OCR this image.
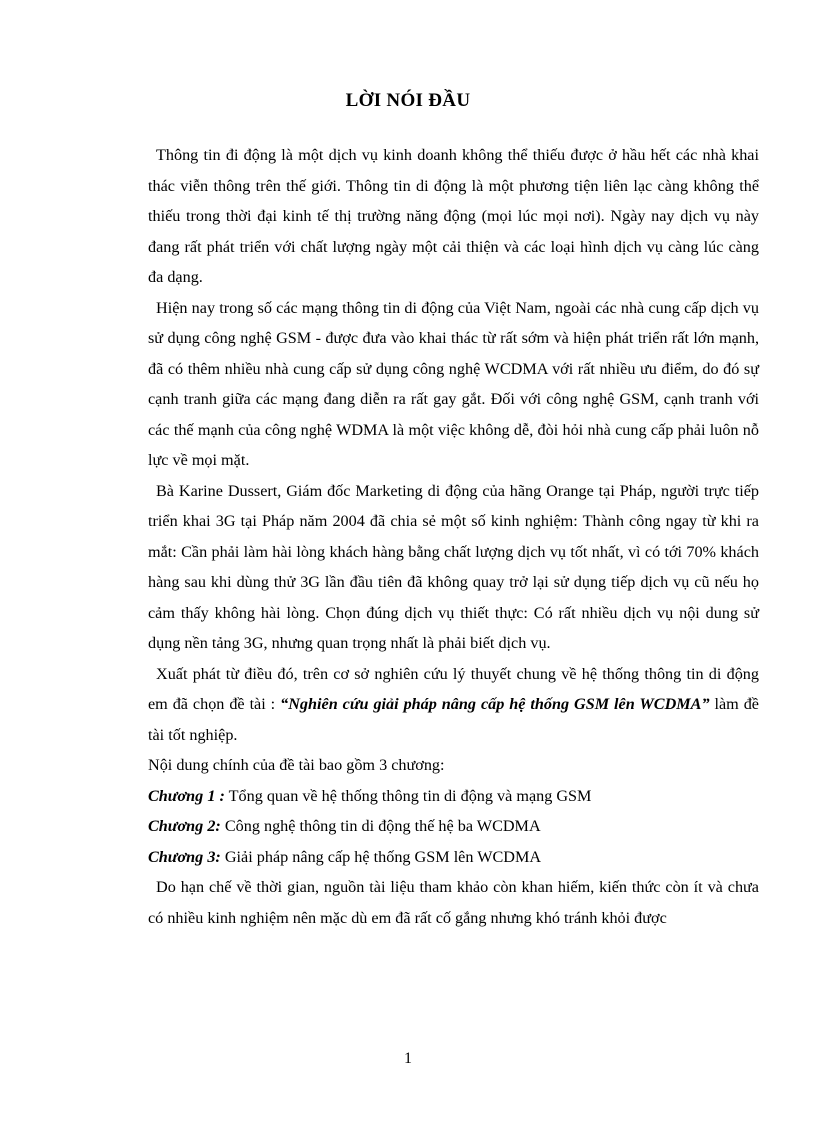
LỜI NÓI ĐẦU

Thông tin đi động là một dịch vụ kinh doanh không thể thiếu được ở hầu hết các nhà khai thác viễn thông trên thế giới. Thông tin di động là một phương tiện liên lạc càng không thể thiếu trong thời đại kinh tế thị trường năng động (mọi lúc mọi nơi). Ngày nay dịch vụ này đang rất phát triển với chất lượng ngày một cải thiện và các loại hình dịch vụ càng lúc càng đa dạng.

Hiện nay trong số các mạng thông tin di động của Việt Nam, ngoài các nhà cung cấp dịch vụ sử dụng công nghệ GSM - được đưa vào khai thác từ rất sớm và hiện phát triển rất lớn mạnh, đã có thêm nhiều nhà cung cấp sử dụng công nghệ WCDMA với rất nhiều ưu điểm, do đó sự cạnh tranh giữa các mạng đang diễn ra rất gay gắt. Đối với công nghệ GSM, cạnh tranh với các thế mạnh của công nghệ WDMA là một việc không dễ, đòi hỏi nhà cung cấp phải luôn nỗ lực về mọi mặt.

Bà Karine Dussert, Giám đốc Marketing di động của hãng Orange tại Pháp, người trực tiếp triển khai 3G tại Pháp năm 2004 đã chia sẻ một số kinh nghiệm: Thành công ngay từ khi ra mắt: Cần phải làm hài lòng khách hàng bằng chất lượng dịch vụ tốt nhất, vì có tới 70% khách hàng sau khi dùng thử 3G lần đầu tiên đã không quay trở lại sử dụng tiếp dịch vụ cũ nếu họ cảm thấy không hài lòng. Chọn đúng dịch vụ thiết thực: Có rất nhiều dịch vụ nội dung sử dụng nền tảng 3G, nhưng quan trọng nhất là phải biết dịch vụ.

Xuất phát từ điều đó, trên cơ sở nghiên cứu lý thuyết chung về hệ thống thông tin di động em đã chọn đề tài : “Nghiên cứu giải pháp nâng cấp hệ thống GSM lên WCDMA” làm đề tài tốt nghiệp.

Nội dung chính của đề tài bao gồm 3 chương:

Chương 1 : Tổng quan về hệ thống thông tin di động và mạng GSM

Chương 2: Công nghệ thông tin di động thế hệ ba WCDMA

Chương 3: Giải pháp nâng cấp hệ thống GSM lên WCDMA

Do hạn chế về thời gian, nguồn tài liệu tham khảo còn khan hiếm, kiến thức còn ít và chưa có nhiều kinh nghiệm nên mặc dù em đã rất cố gắng nhưng khó tránh khỏi được

1
